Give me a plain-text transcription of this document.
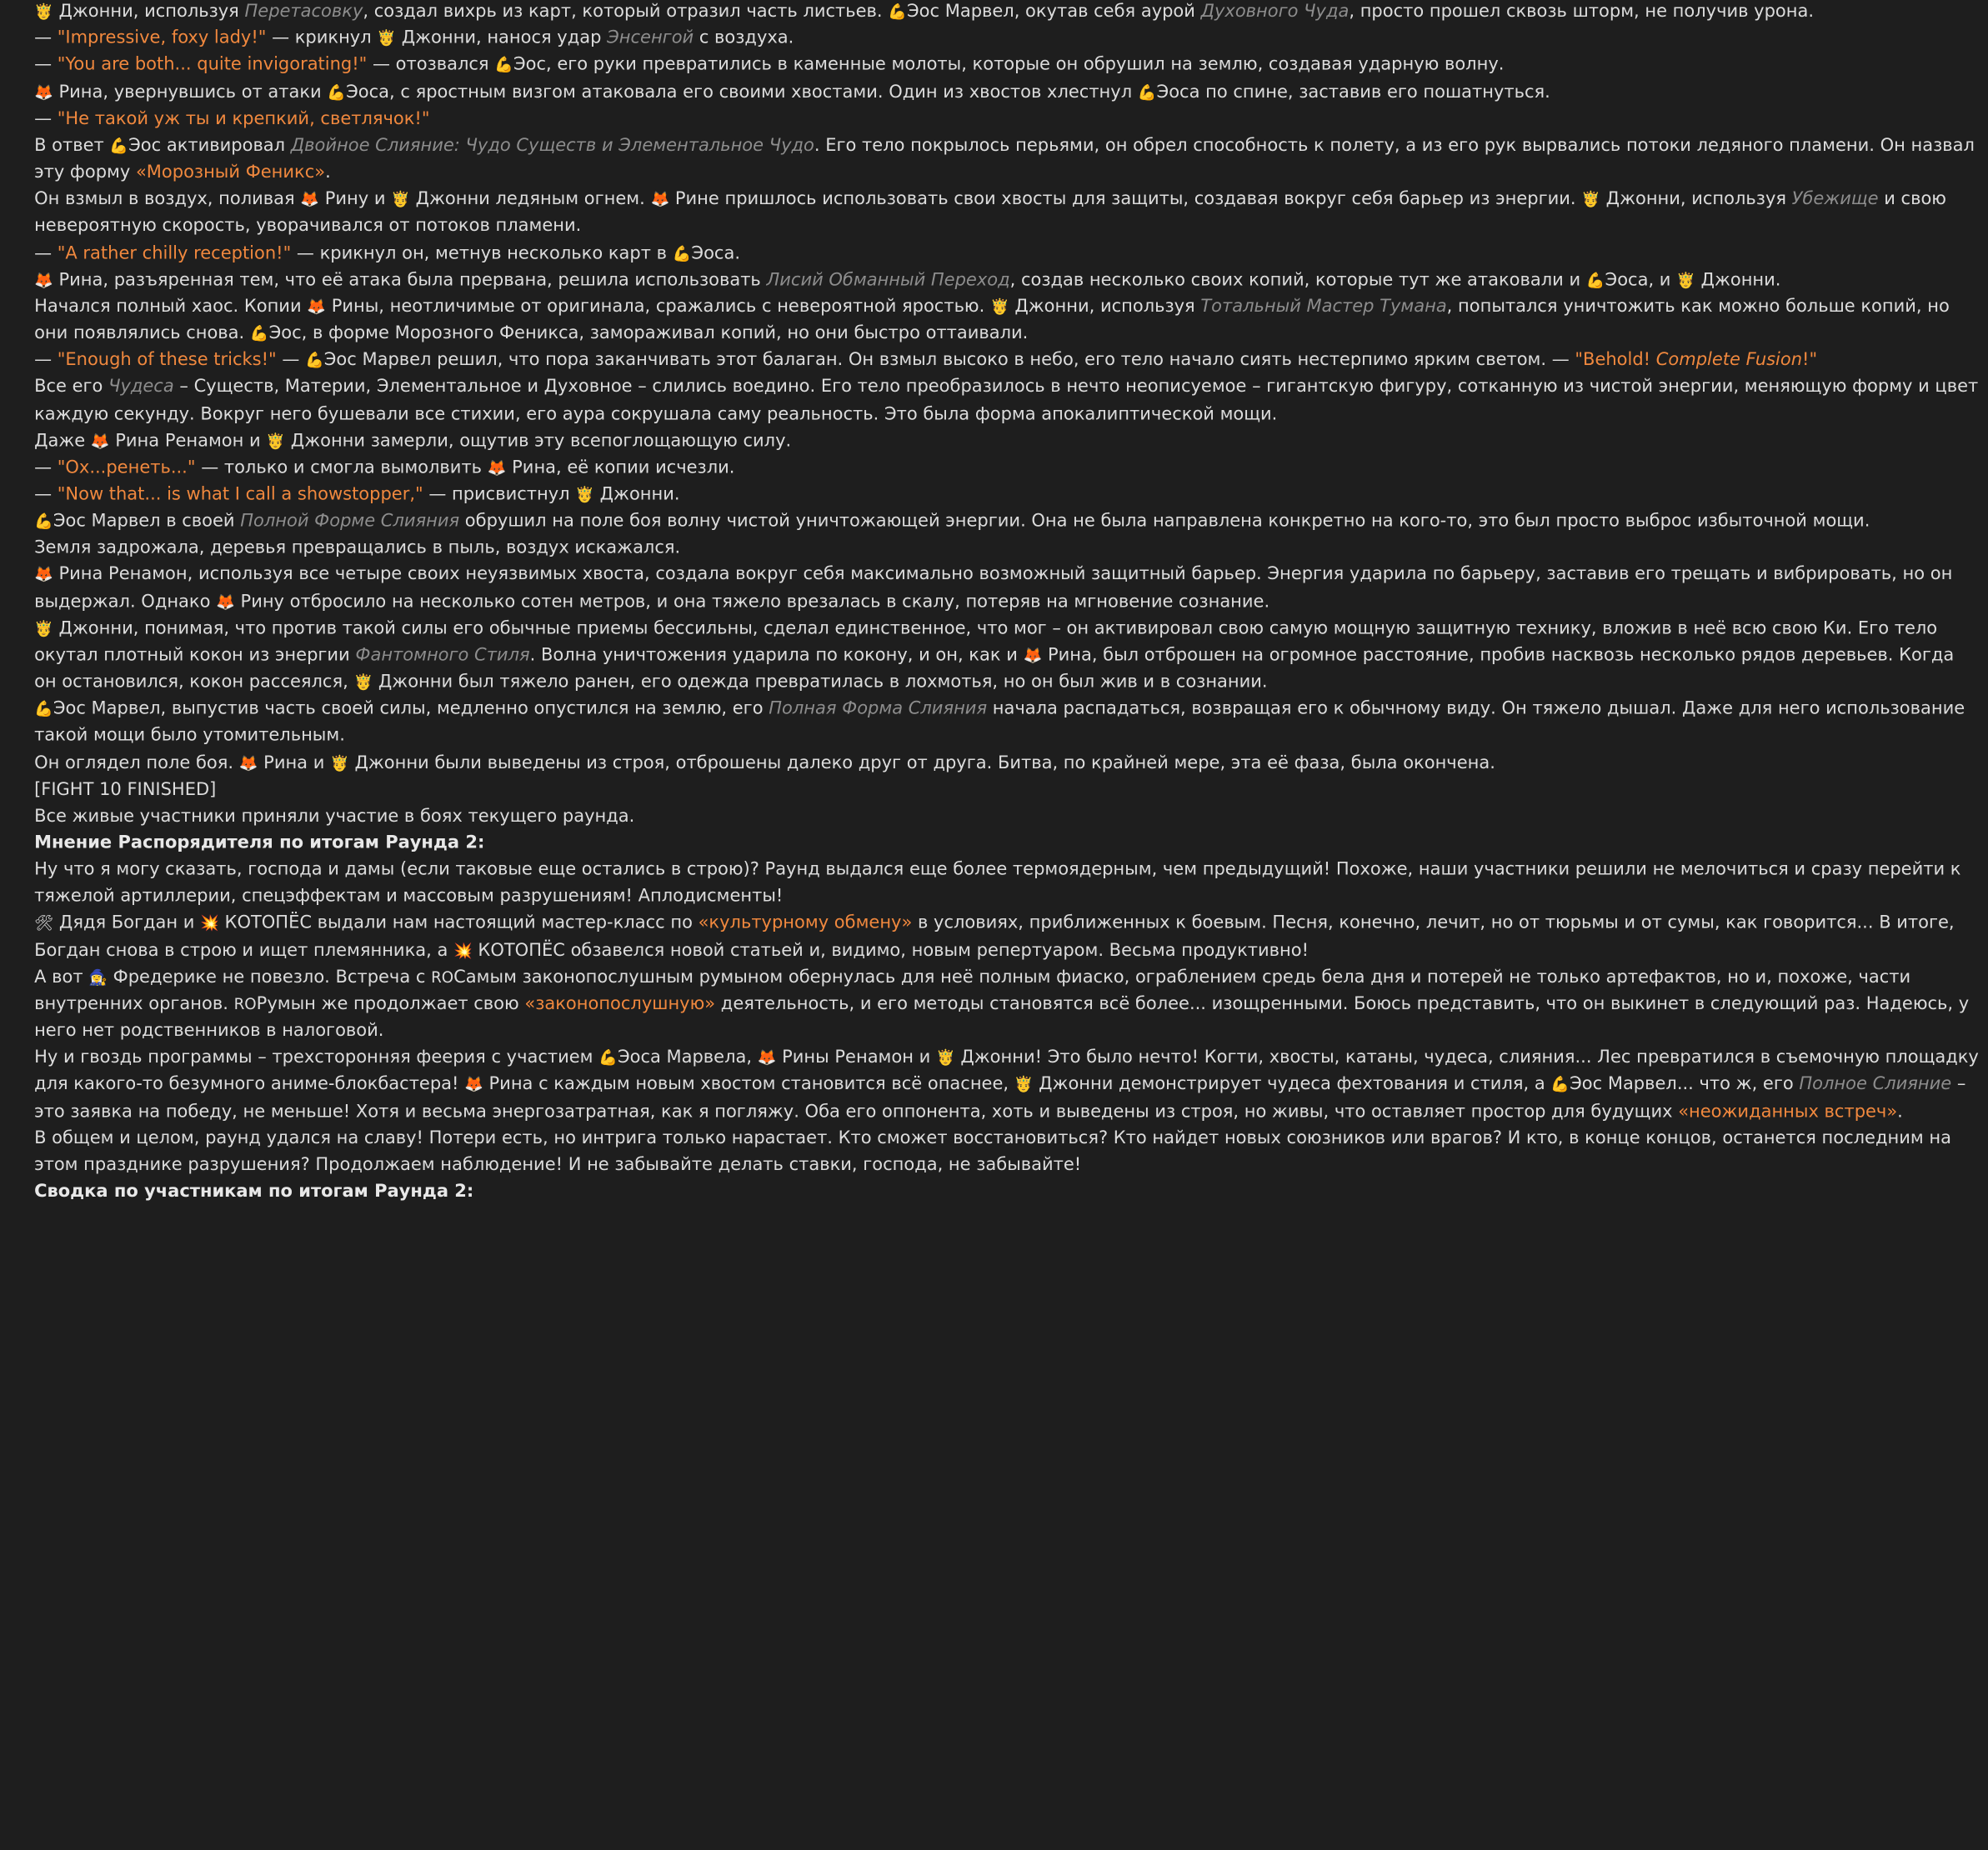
🤴 Джонни, используя Перетасовку, создал вихрь из карт, который отразил часть листьев. 💪Эос Марвел, окутав себя аурой Духовного Чуда, просто прошел сквозь шторм, не получив урона.
— "Impressive, foxy lady!" — крикнул 🤴 Джонни, нанося удар Энсенгой с воздуха.
— "You are both... quite invigorating!" — отозвался 💪Эос, его руки превратились в каменные молоты, которые он обрушил на землю, создавая ударную волну.
🦊 Рина, увернувшись от атаки 💪Эоса, с яростным визгом атаковала его своими хвостами. Один из хвостов хлестнул 💪Эоса по спине, заставив его пошатнуться.
— "Не такой уж ты и крепкий, светлячок!"
В ответ 💪Эос активировал Двойное Слияние: Чудо Существ и Элементальное Чудо. Его тело покрылось перьями, он обрел способность к полету, а из его рук вырвались потоки ледяного пламени. Он назвал эту форму «Морозный Феникс».
Он взмыл в воздух, поливая 🦊 Рину и 🤴 Джонни ледяным огнем. 🦊 Рине пришлось использовать свои хвосты для защиты, создавая вокруг себя барьер из энергии. 🤴 Джонни, используя Убежище и свою невероятную скорость, уворачивался от потоков пламени.
— "A rather chilly reception!" — крикнул он, метнув несколько карт в 💪Эоса.
🦊 Рина, разъяренная тем, что её атака была прервана, решила использовать Лисий Обманный Переход, создав несколько своих копий, которые тут же атаковали и 💪Эоса, и 🤴 Джонни.
Начался полный хаос. Копии 🦊 Рины, неотличимые от оригинала, сражались с невероятной яростью. 🤴 Джонни, используя Тотальный Мастер Тумана, попытался уничтожить как можно больше копий, но они появлялись снова. 💪Эос, в форме Морозного Феникса, замораживал копий, но они быстро оттаивали.
— "Enough of these tricks!" — 💪Эос Марвел решил, что пора заканчивать этот балаган. Он взмыл высоко в небо, его тело начало сиять нестерпимо ярким светом. — "Behold! Complete Fusion!"
Все его Чудеса – Существ, Материи, Элементальное и Духовное – слились воедино. Его тело преобразилось в нечто неописуемое – гигантскую фигуру, сотканную из чистой энергии, меняющую форму и цвет каждую секунду. Вокруг него бушевали все стихии, его аура сокрушала саму реальность. Это была форма апокалиптической мощи.
Даже 🦊 Рина Ренамон и 🤴 Джонни замерли, ощутив эту всепоглощающую силу.
— "Ох...ренеть..." — только и смогла вымолвить 🦊 Рина, её копии исчезли.
— "Now that... is what I call a showstopper," — присвистнул 🤴 Джонни.
💪Эос Марвел в своей Полной Форме Слияния обрушил на поле боя волну чистой уничтожающей энергии. Она не была направлена конкретно на кого-то, это был просто выброс избыточной мощи.
Земля задрожала, деревья превращались в пыль, воздух искажался.
🦊 Рина Ренамон, используя все четыре своих неуязвимых хвоста, создала вокруг себя максимально возможный защитный барьер. Энергия ударила по барьеру, заставив его трещать и вибрировать, но он выдержал. Однако 🦊 Рину отбросило на несколько сотен метров, и она тяжело врезалась в скалу, потеряв на мгновение сознание.
🤴 Джонни, понимая, что против такой силы его обычные приемы бессильны, сделал единственное, что мог – он активировал свою самую мощную защитную технику, вложив в неё всю свою Ки. Его тело окутал плотный кокон из энергии Фантомного Стиля. Волна уничтожения ударила по кокону, и он, как и 🦊 Рина, был отброшен на огромное расстояние, пробив насквозь несколько рядов деревьев. Когда он остановился, кокон рассеялся, 🤴 Джонни был тяжело ранен, его одежда превратилась в лохмотья, но он был жив и в сознании.
💪Эос Марвел, выпустив часть своей силы, медленно опустился на землю, его Полная Форма Слияния начала распадаться, возвращая его к обычному виду. Он тяжело дышал. Даже для него использование такой мощи было утомительным.
Он оглядел поле боя. 🦊 Рина и 🤴 Джонни были выведены из строя, отброшены далеко друг от друга. Битва, по крайней мере, эта её фаза, была окончена.
[FIGHT 10 FINISHED]
Все живые участники приняли участие в боях текущего раунда.
Мнение Распорядителя по итогам Раунда 2:
Ну что я могу сказать, господа и дамы (если таковые еще остались в строю)? Раунд выдался еще более термоядерным, чем предыдущий! Похоже, наши участники решили не мелочиться и сразу перейти к тяжелой артиллерии, спецэффектам и массовым разрушениям! Аплодисменты!
🛠 Дядя Богдан и 💥 КОТОПЁС выдали нам настоящий мастер-класс по «культурному обмену» в условиях, приближенных к боевым. Песня, конечно, лечит, но от тюрьмы и от сумы, как говорится... В итоге, Богдан снова в строю и ищет племянника, а 💥 КОТОПЁС обзавелся новой статьей и, видимо, новым репертуаром. Весьма продуктивно!
А вот 🧙‍♀️ Фредерике не повезло. Встреча с ROСамым законопослушным румыном обернулась для неё полным фиаско, ограблением средь бела дня и потерей не только артефактов, но и, похоже, части внутренних органов. ROРумын же продолжает свою «законопослушную» деятельность, и его методы становятся всё более... изощренными. Боюсь представить, что он выкинет в следующий раз. Надеюсь, у него нет родственников в налоговой.
Ну и гвоздь программы – трехсторонняя феерия с участием 💪Эоса Марвела, 🦊 Рины Ренамон и 🤴 Джонни! Это было нечто! Когти, хвосты, катаны, чудеса, слияния... Лес превратился в съемочную площадку для какого-то безумного аниме-блокбастера! 🦊 Рина с каждым новым хвостом становится всё опаснее, 🤴 Джонни демонстрирует чудеса фехтования и стиля, а 💪Эос Марвел... что ж, его Полное Слияние – это заявка на победу, не меньше! Хотя и весьма энергозатратная, как я погляжу. Оба его оппонента, хоть и выведены из строя, но живы, что оставляет простор для будущих «неожиданных встреч».
В общем и целом, раунд удался на славу! Потери есть, но интрига только нарастает. Кто сможет восстановиться? Кто найдет новых союзников или врагов? И кто, в конце концов, останется последним на этом празднике разрушения? Продолжаем наблюдение! И не забывайте делать ставки, господа, не забывайте!
Сводка по участникам по итогам Раунда 2:
